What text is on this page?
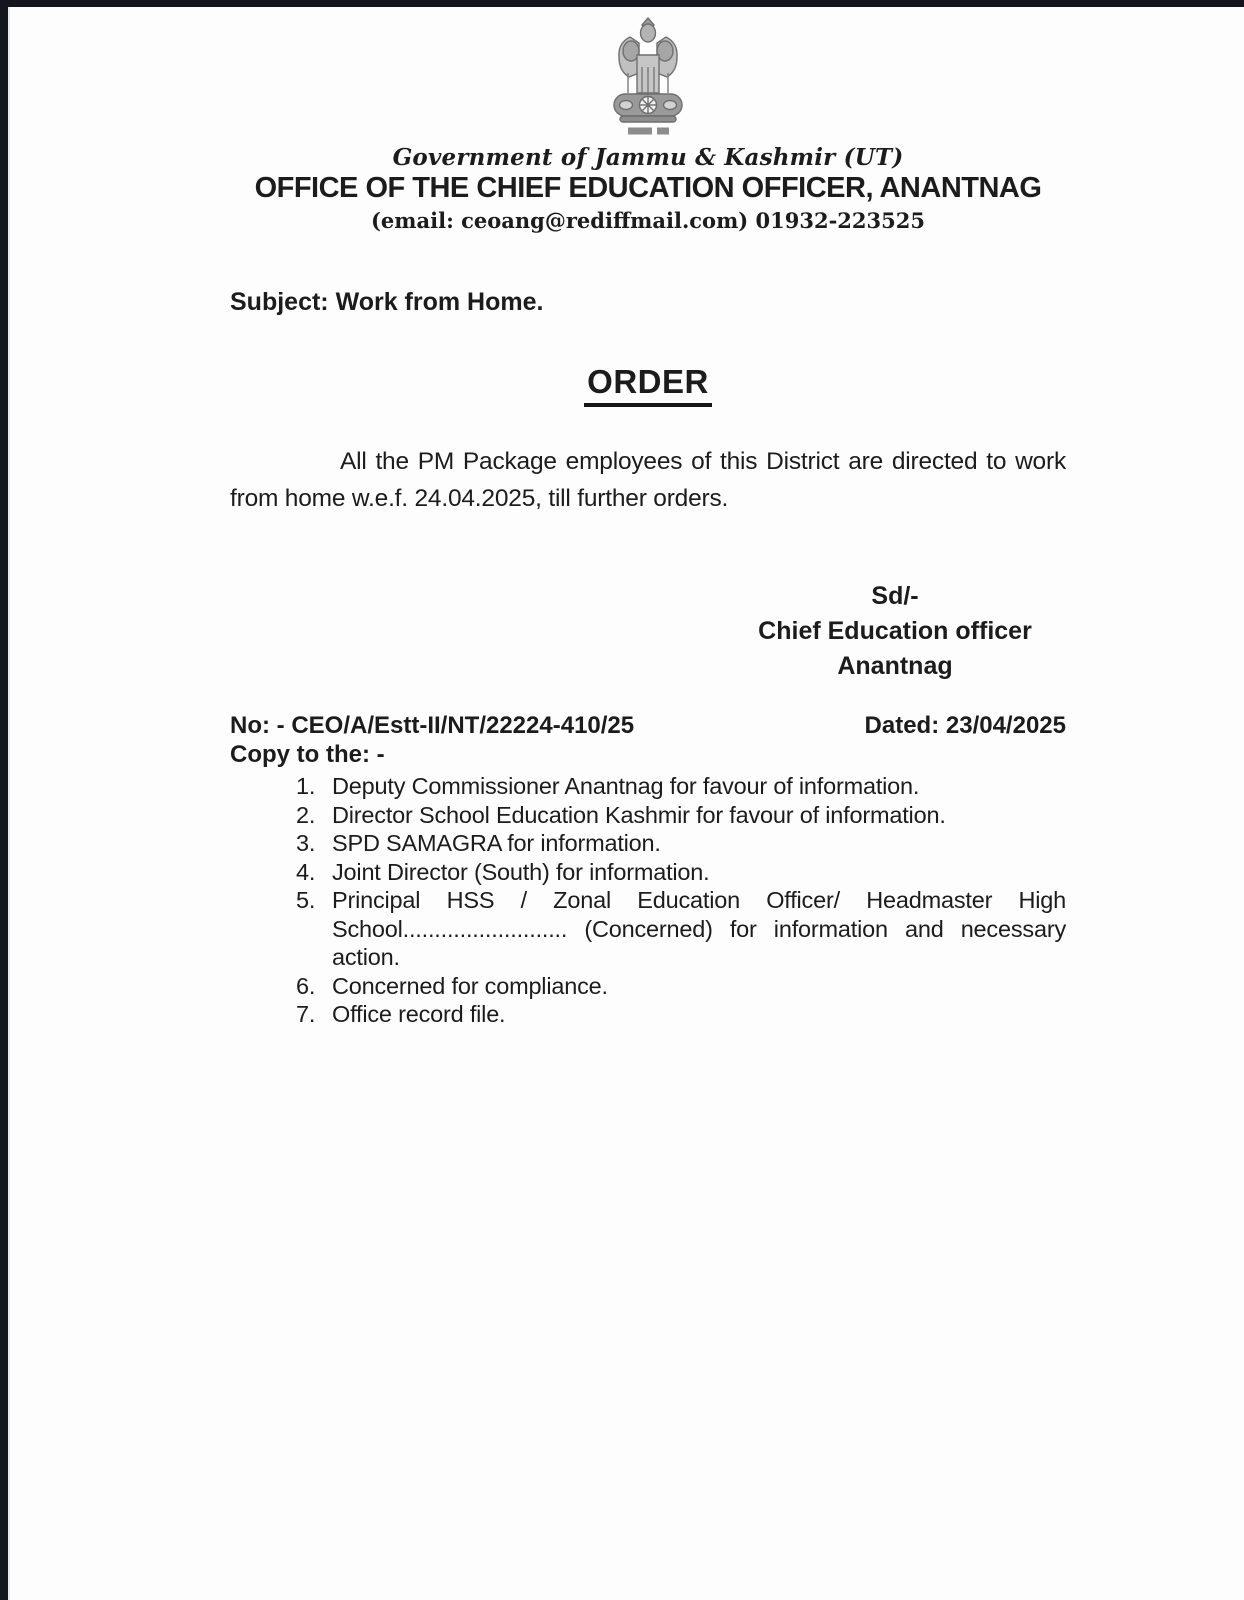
Government of Jammu & Kashmir (UT)
OFFICE OF THE CHIEF EDUCATION OFFICER, ANANTNAG
(email: ceoang@rediffmail.com) 01932-223525
Subject: Work from Home.
ORDER
All the PM Package employees of this District are directed to work from home w.e.f. 24.04.2025, till further orders.
Sd/-
Chief Education officer
Anantnag
No: - CEO/A/Estt-II/NT/22224-410/25	Dated: 23/04/2025
Copy to the: -
1. Deputy Commissioner Anantnag for favour of information.
2. Director School Education Kashmir for favour of information.
3. SPD SAMAGRA for information.
4. Joint Director (South) for information.
5. Principal HSS / Zonal Education Officer/ Headmaster High School.......................... (Concerned) for information and necessary action.
6. Concerned for compliance.
7. Office record file.
